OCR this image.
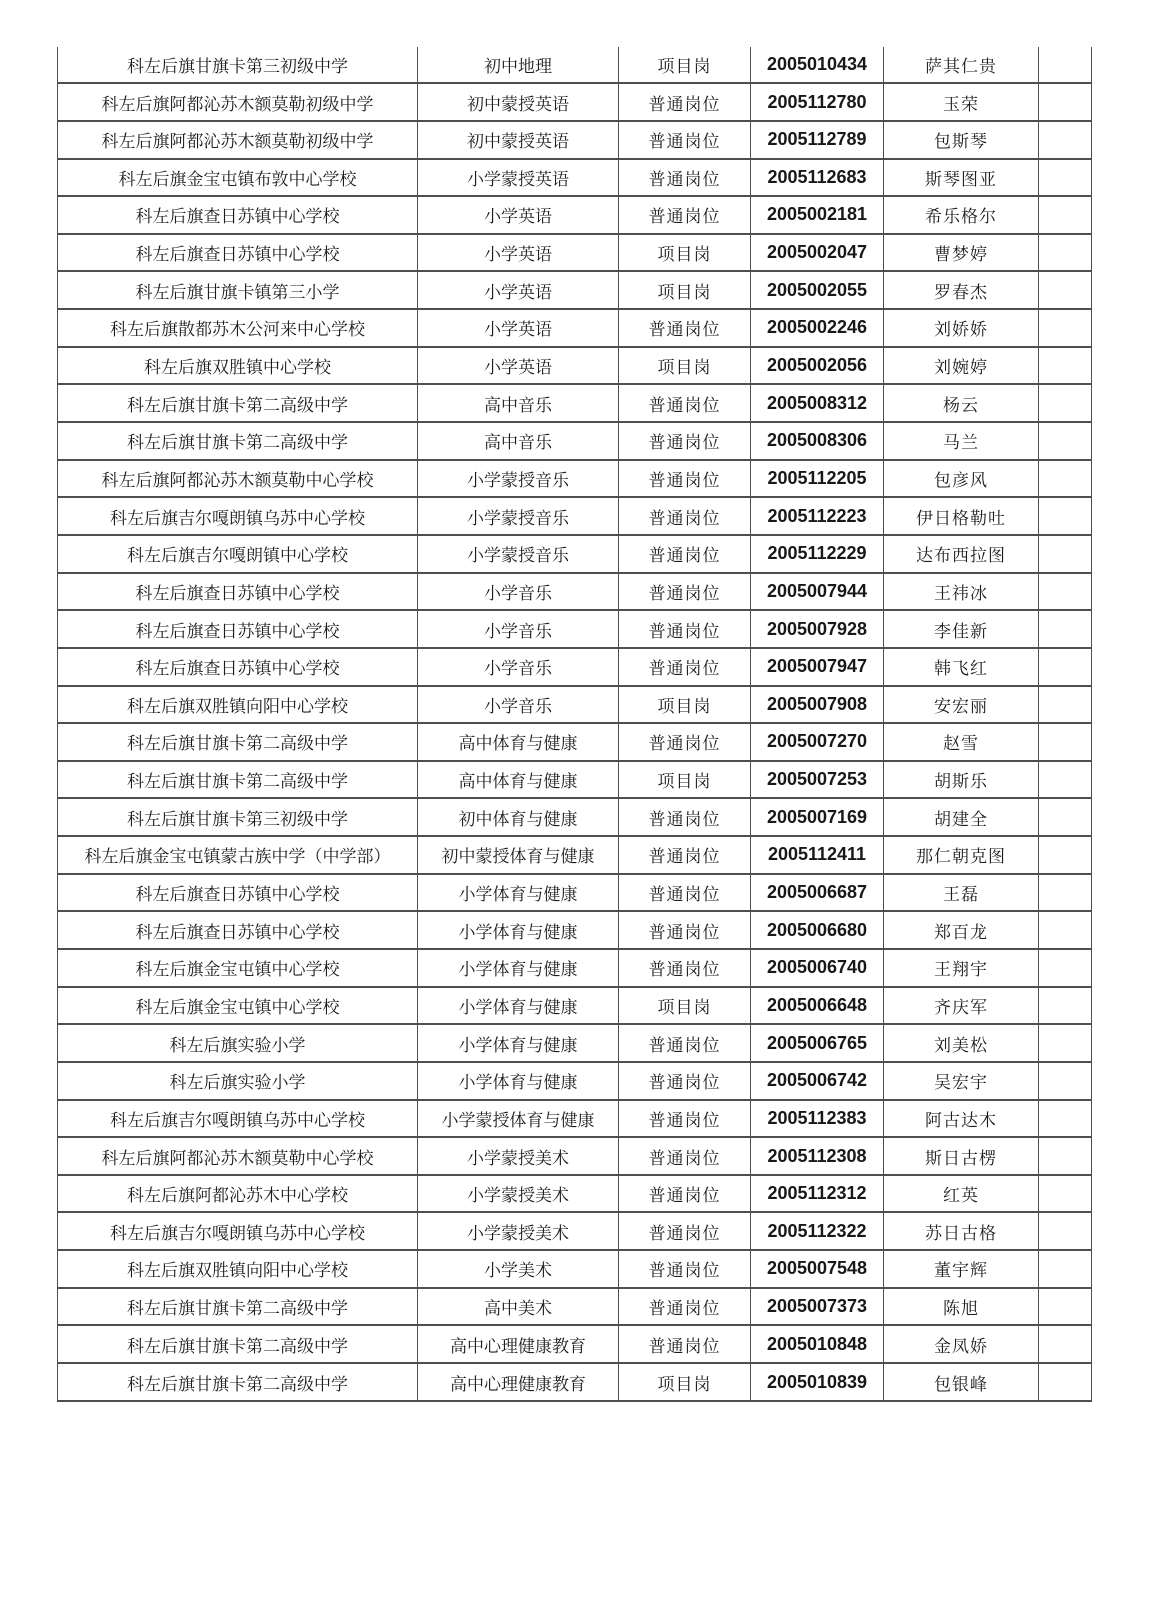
科左后旗甘旗卡第三初级中学	初中地理	项目岗	2005010434	萨其仁贵	
科左后旗阿都沁苏木额莫勒初级中学	初中蒙授英语	普通岗位	2005112780	玉荣	
科左后旗阿都沁苏木额莫勒初级中学	初中蒙授英语	普通岗位	2005112789	包斯琴	
科左后旗金宝屯镇布敦中心学校	小学蒙授英语	普通岗位	2005112683	斯琴图亚	
科左后旗查日苏镇中心学校	小学英语	普通岗位	2005002181	希乐格尔	
科左后旗查日苏镇中心学校	小学英语	项目岗	2005002047	曹梦婷	
科左后旗甘旗卡镇第三小学	小学英语	项目岗	2005002055	罗春杰	
科左后旗散都苏木公河来中心学校	小学英语	普通岗位	2005002246	刘娇娇	
科左后旗双胜镇中心学校	小学英语	项目岗	2005002056	刘婉婷	
科左后旗甘旗卡第二高级中学	高中音乐	普通岗位	2005008312	杨云	
科左后旗甘旗卡第二高级中学	高中音乐	普通岗位	2005008306	马兰	
科左后旗阿都沁苏木额莫勒中心学校	小学蒙授音乐	普通岗位	2005112205	包彦风	
科左后旗吉尔嘎朗镇乌苏中心学校	小学蒙授音乐	普通岗位	2005112223	伊日格勒吐	
科左后旗吉尔嘎朗镇中心学校	小学蒙授音乐	普通岗位	2005112229	达布西拉图	
科左后旗查日苏镇中心学校	小学音乐	普通岗位	2005007944	王祎冰	
科左后旗查日苏镇中心学校	小学音乐	普通岗位	2005007928	李佳新	
科左后旗查日苏镇中心学校	小学音乐	普通岗位	2005007947	韩飞红	
科左后旗双胜镇向阳中心学校	小学音乐	项目岗	2005007908	安宏丽	
科左后旗甘旗卡第二高级中学	高中体育与健康	普通岗位	2005007270	赵雪	
科左后旗甘旗卡第二高级中学	高中体育与健康	项目岗	2005007253	胡斯乐	
科左后旗甘旗卡第三初级中学	初中体育与健康	普通岗位	2005007169	胡建全	
科左后旗金宝屯镇蒙古族中学（中学部）	初中蒙授体育与健康	普通岗位	2005112411	那仁朝克图	
科左后旗查日苏镇中心学校	小学体育与健康	普通岗位	2005006687	王磊	
科左后旗查日苏镇中心学校	小学体育与健康	普通岗位	2005006680	郑百龙	
科左后旗金宝屯镇中心学校	小学体育与健康	普通岗位	2005006740	王翔宇	
科左后旗金宝屯镇中心学校	小学体育与健康	项目岗	2005006648	齐庆军	
科左后旗实验小学	小学体育与健康	普通岗位	2005006765	刘美松	
科左后旗实验小学	小学体育与健康	普通岗位	2005006742	吴宏宇	
科左后旗吉尔嘎朗镇乌苏中心学校	小学蒙授体育与健康	普通岗位	2005112383	阿古达木	
科左后旗阿都沁苏木额莫勒中心学校	小学蒙授美术	普通岗位	2005112308	斯日古楞	
科左后旗阿都沁苏木中心学校	小学蒙授美术	普通岗位	2005112312	红英	
科左后旗吉尔嘎朗镇乌苏中心学校	小学蒙授美术	普通岗位	2005112322	苏日古格	
科左后旗双胜镇向阳中心学校	小学美术	普通岗位	2005007548	董宇辉	
科左后旗甘旗卡第二高级中学	高中美术	普通岗位	2005007373	陈旭	
科左后旗甘旗卡第二高级中学	高中心理健康教育	普通岗位	2005010848	金凤娇	
科左后旗甘旗卡第二高级中学	高中心理健康教育	项目岗	2005010839	包银峰	
